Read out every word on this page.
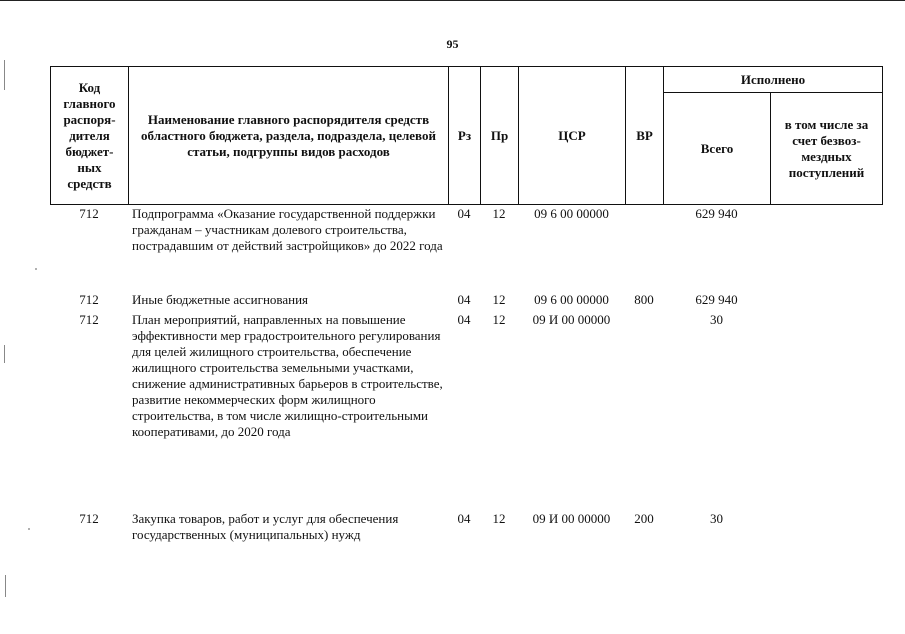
95
Код главного распоря-дителя бюджет-ных средств	Наименование главного распорядителя средств областного бюджета, раздела, подраздела, целевой статьи, подгруппы видов расходов	Рз	Пр	ЦСР	ВР	Исполнено	
						Всего	в том числе за счет безвоз-мездных поступлений
712	Подпрограмма «Оказание государственной поддержки гражданам – участникам долевого строительства, пострадавшим от действий застройщиков» до 2022 года	04	12	09 6 00 00000		629 940	
712	Иные бюджетные ассигнования	04	12	09 6 00 00000	800	629 940	
712	План мероприятий, направленных на повышение эффективности мер градостроительного регулирования для целей жилищного строительства, обеспечение жилищного строительства земельными участками, снижение административных барьеров в строительстве, развитие некоммерческих форм жилищного строительства, в том числе жилищно-строительными кооперативами, до 2020 года	04	12	09 И 00 00000		30	
712	Закупка товаров, работ и услуг для обеспечения государственных (муниципальных) нужд	04	12	09 И 00 00000	200	30	
